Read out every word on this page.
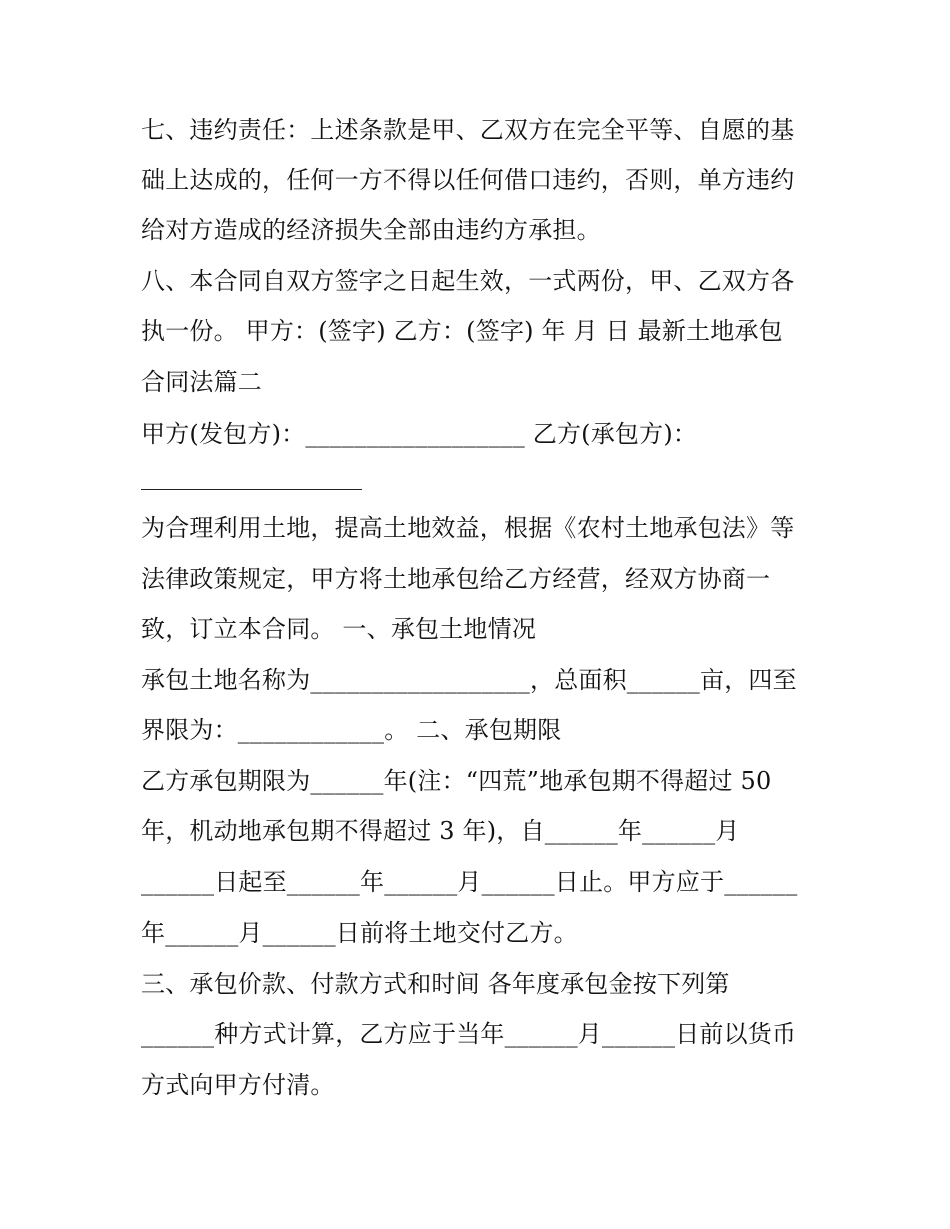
七、违约责任：上述条款是甲、乙双方在完全平等、自愿的基
础上达成的，任何一方不得以任何借口违约，否则，单方违约
给对方造成的经济损失全部由违约方承担。
八、本合同自双方签字之日起生效，一式两份，甲、乙双方各
执一份。 甲方：(签字) 乙方：(签字) 年 月 日 最新土地承包
合同法篇二
甲方(发包方)：__________________ 乙方(承包方)：
为合理利用土地，提高土地效益，根据《农村土地承包法》等
法律政策规定，甲方将土地承包给乙方经营，经双方协商一
致，订立本合同。 一、承包土地情况
承包土地名称为__________________，总面积______亩，四至
界限为：____________。 二、承包期限
乙方承包期限为______年(注：“四荒”地承包期不得超过 50
年，机动地承包期不得超过 3 年)，自______年______月
______日起至______年______月______日止。甲方应于______
年______月______日前将土地交付乙方。
三、承包价款、付款方式和时间 各年度承包金按下列第
______种方式计算，乙方应于当年______月______日前以货币
方式向甲方付清。
